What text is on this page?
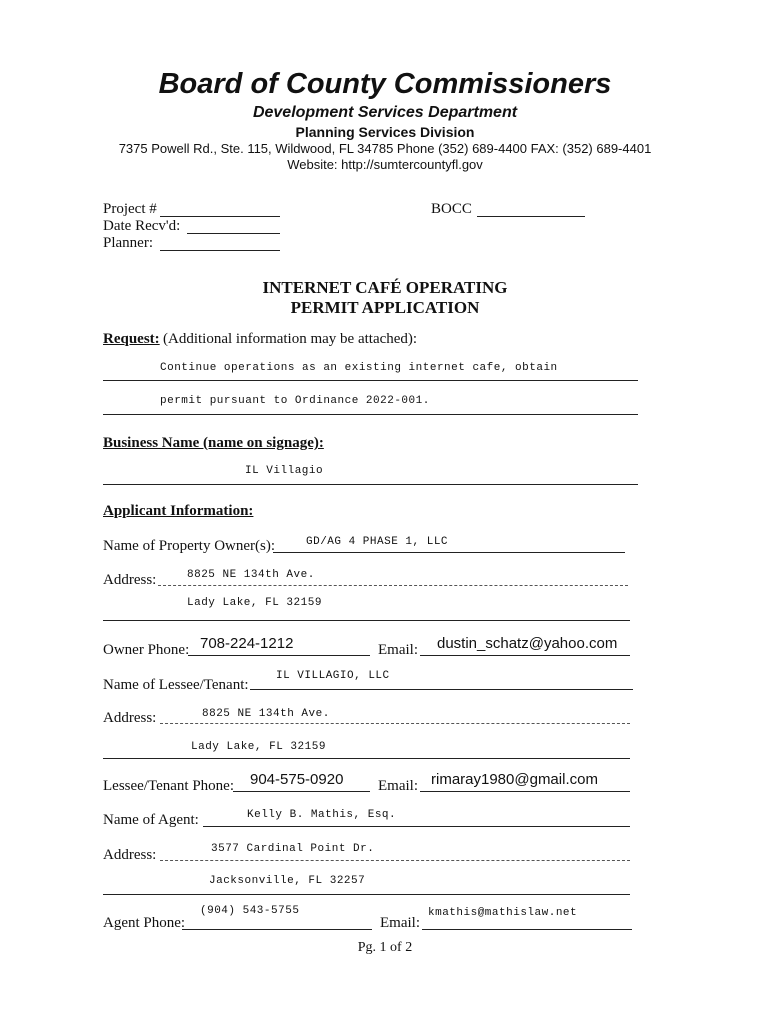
Board of County Commissioners
Development Services Department
Planning Services Division
7375 Powell Rd., Ste. 115, Wildwood, FL 34785 Phone (352) 689-4400 FAX: (352) 689-4401
Website: http://sumtercountyfl.gov
Project #
Date Recv'd:
Planner:
BOCC
INTERNET CAFÉ OPERATING
PERMIT APPLICATION
Request: (Additional information may be attached):
Continue operations as an existing internet cafe, obtain
permit pursuant to Ordinance 2022-001.
Business Name (name on signage):
IL Villagio
Applicant Information:
Name of Property Owner(s):	GD/AG 4 PHASE 1, LLC
Address:	8825 NE 134th Ave.
Lady Lake, FL 32159
Owner Phone: 708-224-1212	Email: dustin_schatz@yahoo.com
Name of Lessee/Tenant:
IL VILLAGIO, LLC
Address:	8825 NE 134th Ave.
Lady Lake, FL 32159
Lessee/Tenant Phone: 904-575-0920 Email: rimaray1980@gmail.com
Name of Agent:	Kelly B. Mathis, Esq.
Address:	3577 Cardinal Point Dr.
Jacksonville, FL 32257
Agent Phone:
(904) 543-5755
Email:
kmathis@mathislaw.net
Pg. 1 of 2
